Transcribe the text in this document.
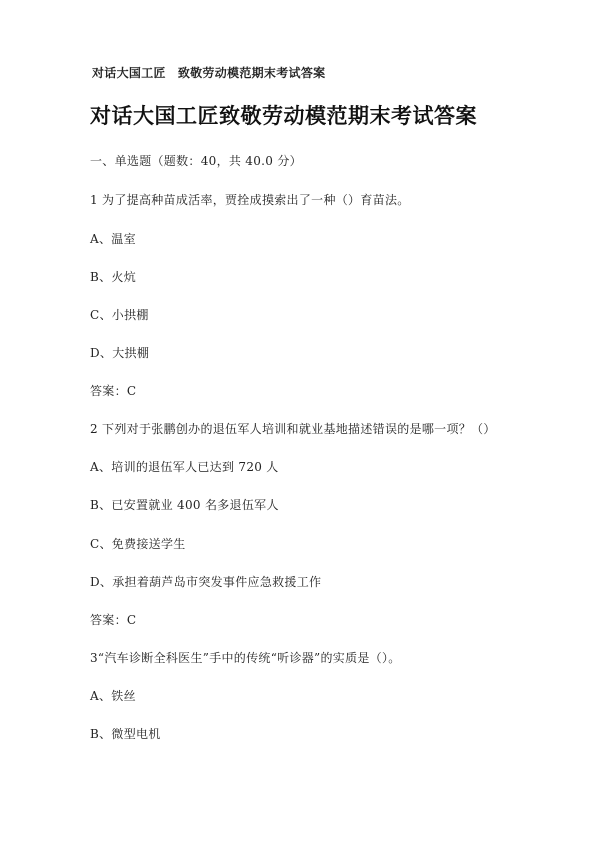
对话大国工匠 致敬劳动模范期末考试答案
对话大国工匠致敬劳动模范期末考试答案
一、单选题（题数：40，共 40.0 分）
1 为了提高种苗成活率，贾拴成摸索出了一种（）育苗法。
A、温室
B、火炕
C、小拱棚
D、大拱棚
答案：C
2 下列对于张鹏创办的退伍军人培训和就业基地描述错误的是哪一项？（）
A、培训的退伍军人已达到 720 人
B、已安置就业 400 名多退伍军人
C、免费接送学生
D、承担着葫芦岛市突发事件应急救援工作
答案：C
3“汽车诊断全科医生”手中的传统“听诊器”的实质是（）。
A、铁丝
B、微型电机
